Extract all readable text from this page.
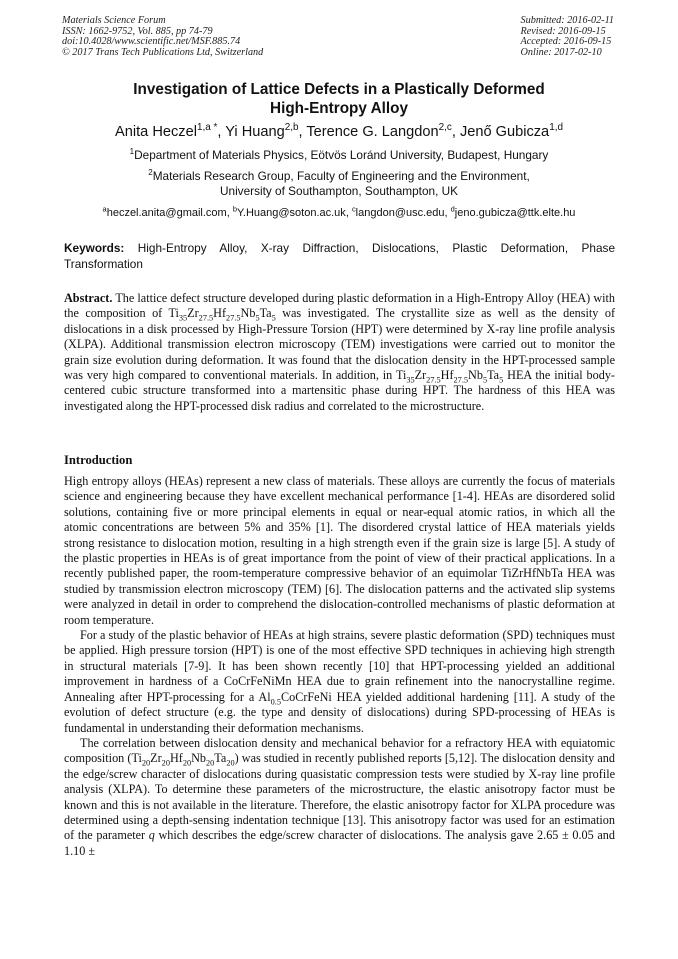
Materials Science Forum
ISSN: 1662-9752, Vol. 885, pp 74-79
doi:10.4028/www.scientific.net/MSF.885.74
© 2017 Trans Tech Publications Ltd, Switzerland
Submitted: 2016-02-11
Revised: 2016-09-15
Accepted: 2016-09-15
Online: 2017-02-10
Investigation of Lattice Defects in a Plastically Deformed
High-Entropy Alloy
Anita Heczel$^{1,a *}$, Yi Huang$^{2,b}$, Terence G. Langdon$^{2,c}$, Jenő Gubicza$^{1,d}$
$^1$Department of Materials Physics, Eötvös Loránd University, Budapest, Hungary
$^2$Materials Research Group, Faculty of Engineering and the Environment,
University of Southampton, Southampton, UK
$^a$heczel.anita@gmail.com, $^b$Y.Huang@soton.ac.uk, $^c$langdon@usc.edu, $^d$jeno.gubicza@ttk.elte.hu
Keywords: High-Entropy Alloy, X-ray Diffraction, Dislocations, Plastic Deformation, Phase Transformation

Abstract. The lattice defect structure developed during plastic deformation in a High-Entropy Alloy (HEA) with the composition of $Ti_{35}Zr_{27.5}Hf_{27.5}Nb_5Ta_5$ was investigated. The crystallite size as well as the density of dislocations in a disk processed by High-Pressure Torsion (HPT) were determined by X-ray line profile analysis (XLPA). Additional transmission electron microscopy (TEM) investigations were carried out to monitor the grain size evolution during deformation. It was found that the dislocation density in the HPT-processed sample was very high compared to conventional materials. In addition, in $Ti_{35}Zr_{27.5}Hf_{27.5}Nb_5Ta_5$ HEA the initial body-centered cubic structure transformed into a martensitic phase during HPT. The hardness of this HEA was investigated along the HPT-processed disk radius and correlated to the microstructure.

Introduction

High entropy alloys (HEAs) represent a new class of materials. These alloys are currently the focus of materials science and engineering because they have excellent mechanical performance [1-4]. HEAs are disordered solid solutions, containing five or more principal elements in equal or near-equal atomic ratios, in which all the atomic concentrations are between 5% and 35% [1]. The disordered crystal lattice of HEA materials yields strong resistance to dislocation motion, resulting in a high strength even if the grain size is large [5]. A study of the plastic properties in HEAs is of great importance from the point of view of their practical applications. In a recently published paper, the room-temperature compressive behavior of an equimolar TiZrHfNbTa HEA was studied by transmission electron microscopy (TEM) [6]. The dislocation patterns and the activated slip systems were analyzed in detail in order to comprehend the dislocation-controlled mechanisms of plastic deformation at room temperature.

For a study of the plastic behavior of HEAs at high strains, severe plastic deformation (SPD) techniques must be applied. High pressure torsion (HPT) is one of the most effective SPD techniques in achieving high strength in structural materials [7-9]. It has been shown recently [10] that HPT-processing yielded an additional improvement in hardness of a CoCrFeNiMn HEA due to grain refinement into the nanocrystalline regime. Annealing after HPT-processing for a $Al_{0.5}CoCrFeNi$ HEA yielded additional hardening [11]. A study of the evolution of defect structure (e.g. the type and density of dislocations) during SPD-processing of HEAs is fundamental in understanding their deformation mechanisms.

The correlation between dislocation density and mechanical behavior for a refractory HEA with equiatomic composition $(Ti_{20}Zr_{20}Hf_{20}Nb_{20}Ta_{20})$ was studied in recently published reports [5,12]. The dislocation density and the edge/screw character of dislocations during quasistatic compression tests were studied by X-ray line profile analysis (XLPA). To determine these parameters of the microstructure, the elastic anisotropy factor must be known and this is not available in the literature. Therefore, the elastic anisotropy factor for XLPA procedure was determined using a depth-sensing indentation technique [13]. This anisotropy factor was used for an estimation of the parameter q which describes the edge/screw character of dislocations. The analysis gave 2.65 ± 0.05 and 1.10 ±
